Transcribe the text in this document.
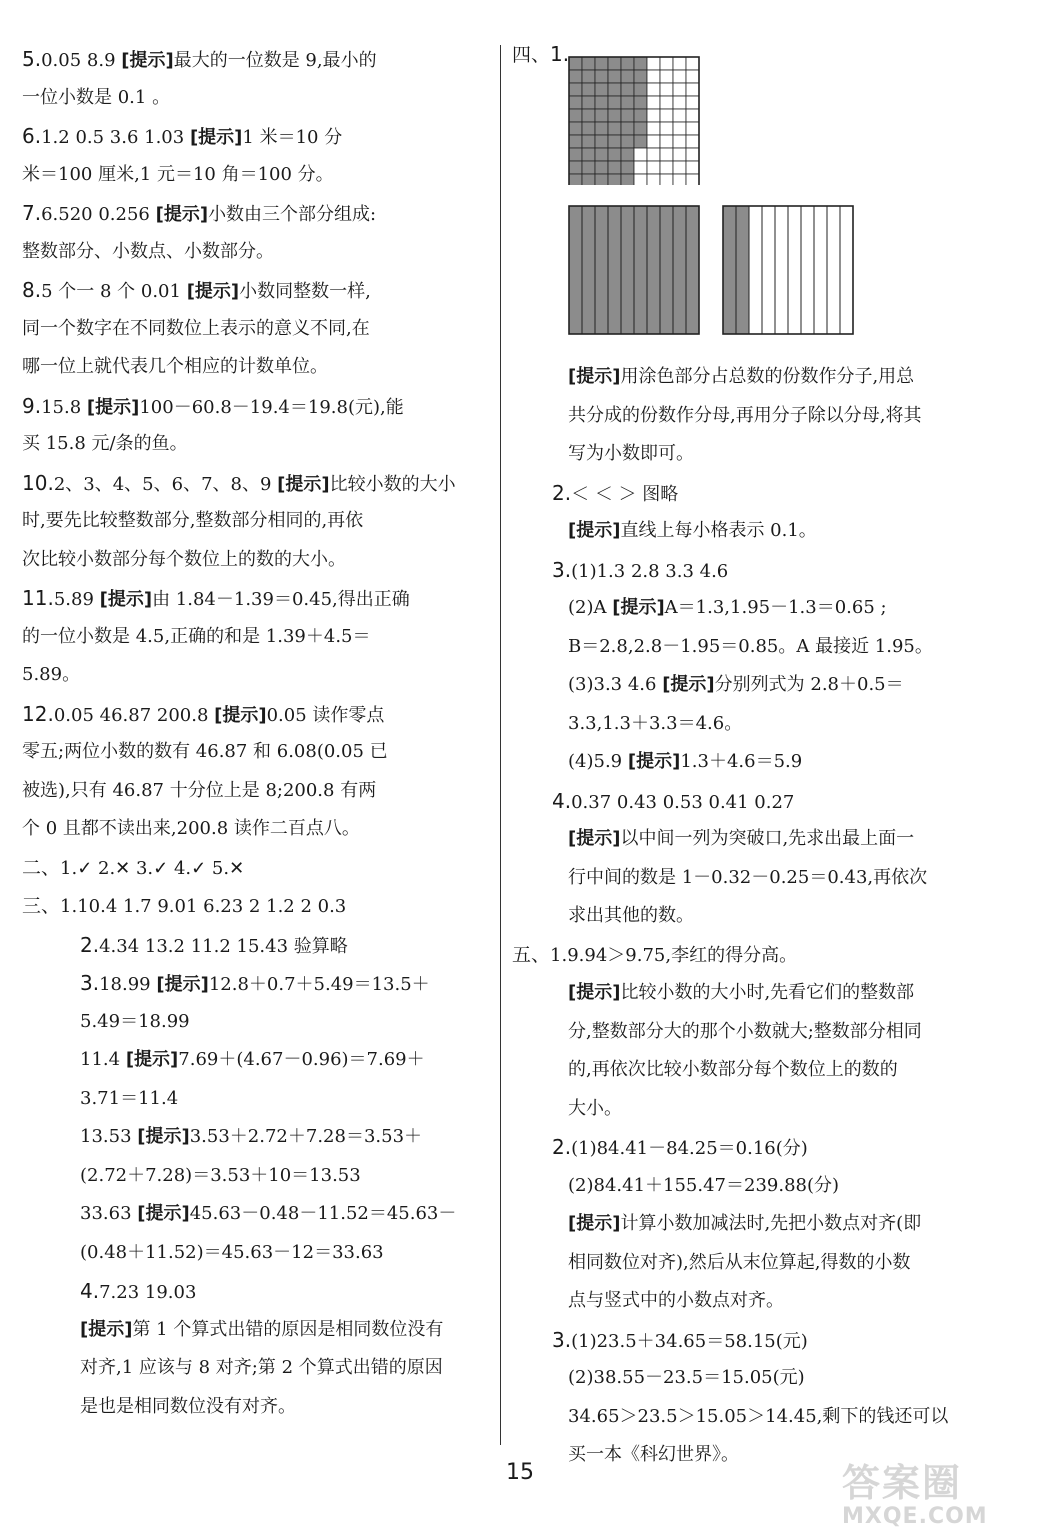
5.0.05 8.9 [提示]最大的一位数是 9,最小的
一位小数是 0.1 。
6.1.2 0.5 3.6 1.03 [提示]1 米＝10 分
米＝100 厘米,1 元＝10 角＝100 分。
7.6.520 0.256 [提示]小数由三个部分组成:
整数部分、小数点、小数部分。
8.5 个一 8 个 0.01 [提示]小数同整数一样,
同一个数字在不同数位上表示的意义不同,在
哪一位上就代表几个相应的计数单位。
9.15.8 [提示]100－60.8－19.4＝19.8(元),能
买 15.8 元/条的鱼。
10.2、3、4、5、6、7、8、9 [提示]比较小数的大小
时,要先比较整数部分,整数部分相同的,再依
次比较小数部分每个数位上的数的大小。
11.5.89 [提示]由 1.84－1.39＝0.45,得出正确
的一位小数是 4.5,正确的和是 1.39＋4.5＝
5.89。
12.0.05 46.87 200.8 [提示]0.05 读作零点
零五;两位小数的数有 46.87 和 6.08(0.05 已
被选),只有 46.87 十分位上是 8;200.8 有两
个 0 且都不读出来,200.8 读作二百点八。
二、1.✓ 2.✕ 3.✓ 4.✓ 5.✕
三、1.10.4 1.7 9.01 6.23 2 1.2 2 0.3
2.4.34 13.2 11.2 15.43 验算略
3.18.99 [提示]12.8＋0.7＋5.49＝13.5＋
5.49＝18.99
11.4 [提示]7.69＋(4.67－0.96)＝7.69＋
3.71＝11.4
13.53 [提示]3.53＋2.72＋7.28＝3.53＋
(2.72＋7.28)＝3.53＋10＝13.53
33.63 [提示]45.63－0.48－11.52＝45.63－
(0.48＋11.52)＝45.63－12＝33.63
4.7.23 19.03
[提示]第 1 个算式出错的原因是相同数位没有
对齐,1 应该与 8 对齐;第 2 个算式出错的原因
是也是相同数位没有对齐。
四、1.
[提示]用涂色部分占总数的份数作分子,用总
共分成的份数作分母,再用分子除以分母,将其
写为小数即可。
2.＜ ＜ ＞ 图略
[提示]直线上每小格表示 0.1。
3.(1)1.3 2.8 3.3 4.6
(2)A [提示]A＝1.3,1.95－1.3＝0.65 ;
B＝2.8,2.8－1.95＝0.85。A 最接近 1.95。
(3)3.3 4.6 [提示]分别列式为 2.8＋0.5＝
3.3,1.3＋3.3＝4.6。
(4)5.9 [提示]1.3＋4.6＝5.9
4.0.37 0.43 0.53 0.41 0.27
[提示]以中间一列为突破口,先求出最上面一
行中间的数是 1－0.32－0.25＝0.43,再依次
求出其他的数。
五、1.9.94＞9.75,李红的得分高。
[提示]比较小数的大小时,先看它们的整数部
分,整数部分大的那个小数就大;整数部分相同
的,再依次比较小数部分每个数位上的数的
大小。
2.(1)84.41－84.25＝0.16(分)
(2)84.41＋155.47＝239.88(分)
[提示]计算小数加减法时,先把小数点对齐(即
相同数位对齐),然后从末位算起,得数的小数
点与竖式中的小数点对齐。
3.(1)23.5＋34.65＝58.15(元)
(2)38.55－23.5＝15.05(元)
34.65＞23.5＞15.05＞14.45,剩下的钱还可以
买一本《科幻世界》。
15	答案圈
MXQE.COM
